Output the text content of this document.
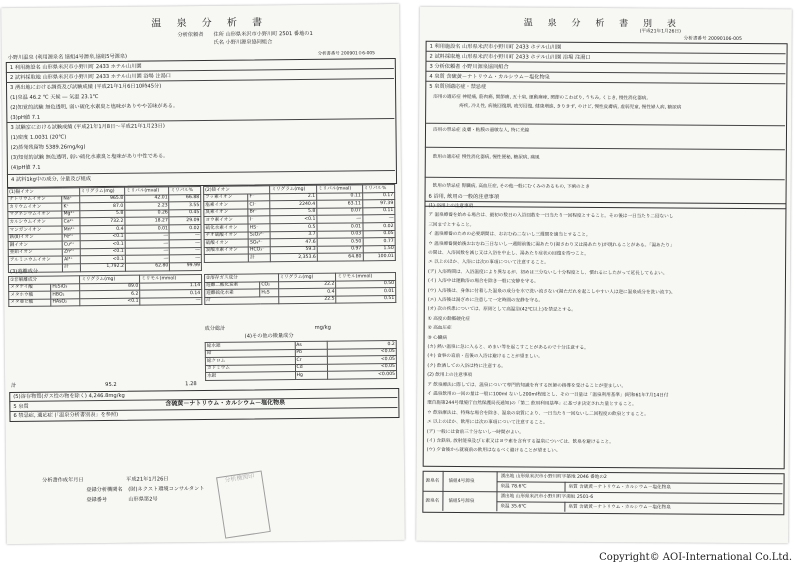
温 泉 分 析 書
分析依頼者 住所 山形県米沢市小野川町 2501 番地の1
氏名 小野川源泉協同組合
小野川温泉 (利用源泉名 協組4号源泉,協組5号源泉)	分析書番号 200901０6-005
1 利用施設名 山形県米沢市小野川町 2433 ホテル山川園
2 試料採取地 山形県米沢市小野川町 2433 ホテル山川園 浴場 注湯口
3 湧出地における調査及び試験成績 (平成21年1月6日10時45分)
(1)泉温 46.2 ℃ 天候 ― 気温 23.1℃
(2)知覚的試験 無色透明, 弱い硫化水素臭と塩味がありやや苦味がある。
(3)pH値 7.1
3 試験室における試験成績 (平成21年1月8日～平成21年1月23日)
(1)密度 1.0031 (20℃)
(2)蒸発残留物 5389.26mg/kg)
(3)知覚的試験 無色透明, 弱い硫化水素臭と塩味があり中性である。
(4)pH値 7.1
4 試料1kg中の成分, 分量及び組成
(1)陽イオン		ミリグラム(mg)	ミリバル(mval)	ミリバル%
ナトリウムイオン	Na⁺	965.8	42.01	66.88
カリウムイオン	K⁺	87.0	2.23	3.55
マグネシウムイオン	Mg²⁺	5.8	0.26	0.45
カルシウムイオン	Ca²⁺	732.2	18.27	29.09
マンガンイオン	Mn²⁺	0.4	0.01	0.02
鉄(Ⅱ)イオン	Fe²⁺	<0.1	―	―
銅イオン	Cu²⁺	<0.1	―	―
亜鉛イオン	Zn²⁺	<0.1	―	―
アルミニウムイオン	Al³⁺	<0.1	―	―
	計	1,792.2	62.80	99.99
(2)陰イオン		ミリグラム(mg)	ミリバル(mval)	ミリバル%
フッ素イオン	F⁻	2.1	0.11	0.17
塩素イオン	Cl⁻	2240.4	63.11	97.39
臭素イオン	Br⁻	5.8	0.07	0.11
ヨウ素イオン	I⁻	<0.1	―	―
硫化水素イオン	HS⁻	0.5	0.01	0.02
チオ硫酸イオン	S₂O₃²⁻	3.7	0.03	0.05
硫酸イオン	SO₄²⁻	47.6	0.50	0.77
炭酸水素イオン	HCO₃⁻	59.3	0.97	1.50
	計	2,353.6	64.80	100.01
(3)遊離成分
①非解離成分		ミリグラム(mg)	ミリモル(mmol)
メタケイ酸	H₂SiO₃	89.0	1.14
メタホウ酸	HBO₂	6.2	0.14
メタ亜ヒ酸	HAsO₂	<0.1	―
②溶存ガス成分		ミリグラム(mg)	ミリモル(mmol)
遊離二酸化炭素	CO₂	22.2	0.50
遊離硫化水素	H₂S	0.4	0.01
計		22.5	0.51
成分総計	mg/kg
(4)その他の微量成分
総水銀	As	0.2
鉛	Pb	<0.05
総クロム	Cr	<0.05
カドミウム	Cd	<0.05
水銀	Hg	<0.005
計	95.2	1.28
(5)溶存物質(ガス性の物を除く) 4,246.8mg/kg
5 泉質	含硫黄－ナトリウム・カルシウム－塩化物泉
6 禁忌症, 適応症 (「温泉分析書別表」を参照)
分析書作成年月日	平成21年1月26日
登録分析機関名 (財)ネクスト環境コンサルタント
登録番号	山形県第2号
分析機関印
温 泉 分 析 書 別 表
(平成21年1月26日)
分析書番号 20090106-005
1 利用施設名 山形県米沢市小野川町 2433 ホテル山川園
2 試料採取地 山形県米沢市小野川町 2433 ホテル山川園 浴場 注湯口
3 分析依頼者 小野川源泉協同組合
4 泉質 含硫黄－ナトリウム・カルシウム－塩化物泉
5 泉質別適応症・禁忌症
浴用の適応症 神経痛, 筋肉痛, 関節痛, 五十肩, 運動麻痺, 関節のこわばり, うちみ, くじき, 慢性消化器病,
痔疾, 冷え性, 病後回復期, 疲労回復, 健康増進, きりきず, やけど, 慢性皮膚病, 虚弱児童, 慢性婦人病, 糖尿病
浴用の禁忌症 皮膚・粘膜の過敏な人, 特に光線
飲用の適応症 慢性消化器病, 慢性便秘, 糖尿病, 痛風
飲用の禁忌症 腎臓病, 高血圧症, その他一般にむくみのあるもの, 下痢のとき
6 浴用, 飲用の一般的注意事項
源泉名 協組4号源泉
湧出地 山形県米沢市小野川町字築地 2046 番地の2
泉温 78.6℃	泉質 含硫黄－ナトリウム・カルシウム－塩化物泉
源泉名 協組5号源泉
湧出地 山形県米沢市小野川町字湯坂 2501-6
泉温 35.6℃	泉質 含硫黄－ナトリウム・カルシウム－塩化物泉
(1) 浴用上の注意事項
ア 温泉療養を始める場合は、最初の数日の入浴回数を一日当たり一回程度とすること。その後は一日当たり二回ないし
三回までとすること。
イ 温泉療養のための必要期間は、おおむね二ないし三週間を適当とすること。
ウ 温泉療養開始後おおむね三日ないし一週間前後に湯あたり(湯さわり又は湯あたり)が現れることがある。「湯あたり」
の間は、入浴回数を減じ又は入浴を中止し、湯あたり症状の回復を待つこと。
エ 以上のほか、入浴には次の事項について注意すること。
(ア) 入浴時間は、入浴温度により異なるが、初めは三分ないし十分程度とし、慣れるにしたがって延長してもよい。
(イ) 入浴中は運動浴の場合を除き一般に安静を守る。
(ウ) 入浴後は、身体に付着した温泉の成分を水で洗い流さない(湯ただれを起こしやすい人は逆に温泉成分を洗い流す)。
(エ) 入浴後は湯ざめに注意して一定時間の安静を守る。
(オ) 次の疾患については、原則として高温浴(42℃以上)を禁忌とする。
① 高度の動脈硬化症
② 高血圧症
③ 心臓病
(カ) 熱い温泉に急に入ると、めまい等を起こすことがあるので十分注意する。
(キ) 食事の直前・直後の入浴は避けることが望ましい。
(ク) 飲酒しての入浴は特に注意する。
(2) 飲用上の注意事項
ア 飲泉療法に際しては、温泉について専門的知識を有する医師の指導を受けることが望ましい。
イ 温泉飲用の一回の量は一般に100ml ないし200ml程度とし、その一日量は「温泉利用基準」(昭和61年7月14日付
環自施第244号環境庁自然保護局長通知)の「第二 飲用利用基準」に基づき決定された量とすること。
ウ 飲泉療法は、特殊な場合を除き、温泉の泉質により、一日当たり一回ないし二回程度の飲泉とすること。
エ 以上のほか、飲用には次の事項について注意すること。
(ア) 一般には食前三十分ないし一時間がよい。
(イ) 含鉄泉, 放射能泉及びヒ素又はヨウ素を含有する温泉については、飲泉を避けること。
(ウ) 夕食後から就寝前の飲用はなるべく避けることが望ましい。
Copyright© AOI-International Co.Ltd.
